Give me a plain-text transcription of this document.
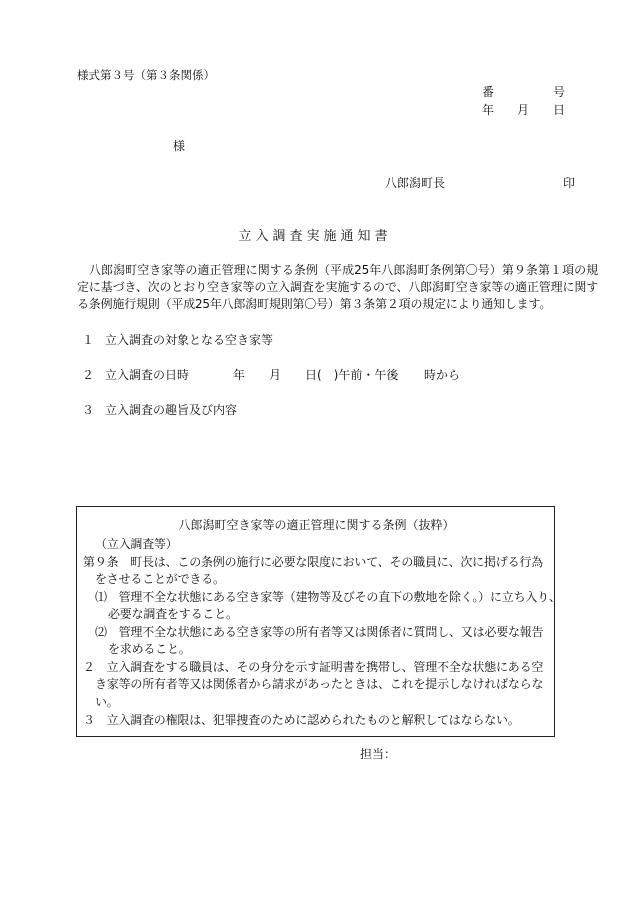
様式第３号（第３条関係）
番	号
年 月 日
様
八郎潟町長	印
立入調査実施通知書
八郎潟町空き家等の適正管理に関する条例（平成25年八郎潟町条例第〇号）第９条第１項の規定に基づき、次のとおり空き家等の立入調査を実施するので、八郎潟町空き家等の適正管理に関する条例施行規則（平成25年八郎潟町規則第〇号）第３条第２項の規定により通知します。
１ 立入調査の対象となる空き家等
２ 立入調査の日時	年 月 日(　)午前・午後 時から
３ 立入調査の趣旨及び内容
八郎潟町空き家等の適正管理に関する条例（抜粋）
（立入調査等）
第９条　町長は、この条例の施行に必要な限度において、その職員に、次に掲げる行為
をさせることができる。
⑴　管理不全な状態にある空き家等（建物等及びその直下の敷地を除く。）に立ち入り、
必要な調査をすること。
⑵　管理不全な状態にある空き家等の所有者等又は関係者に質問し、又は必要な報告
を求めること。
２　立入調査をする職員は、その身分を示す証明書を携帯し、管理不全な状態にある空
き家等の所有者等又は関係者から請求があったときは、これを提示しなければならな
い。
３　立入調査の権限は、犯罪捜査のために認められたものと解釈してはならない。
担当：
